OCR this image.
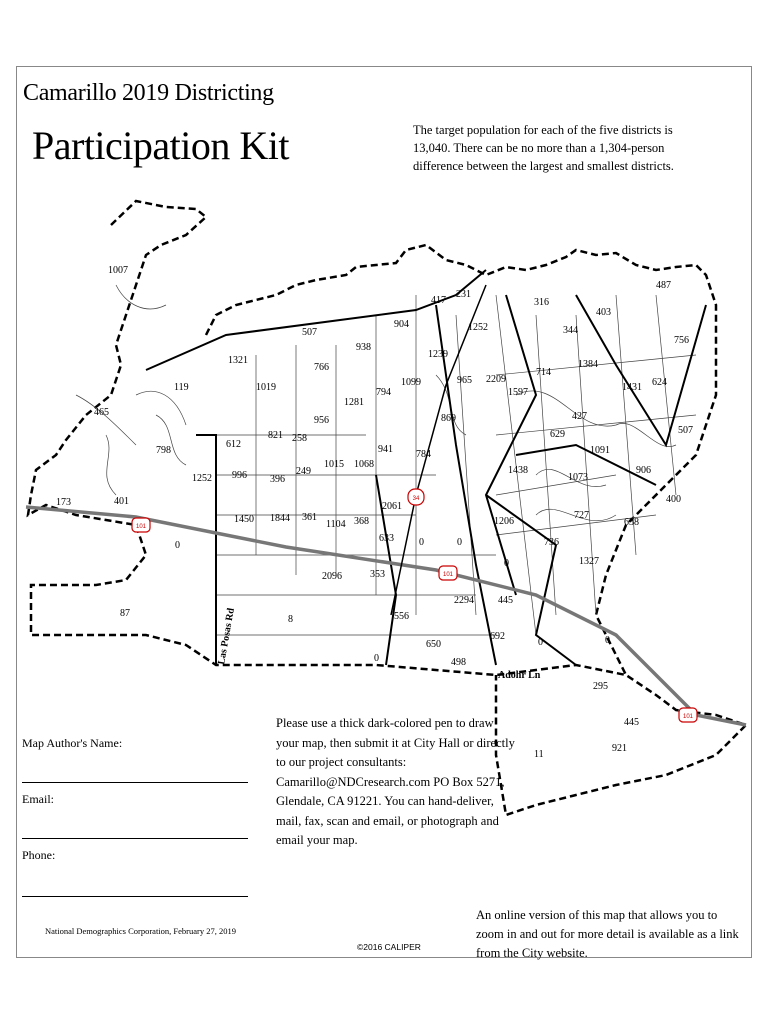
Camarillo 2019 Districting
Participation Kit	The target population for each of the five districts is 13,040. There can be no more than a 1,304-person difference between the largest and smallest districts.
101
34
101
101
Las Posas Rd
Adohr Ln
1007
465
119
1321
1019
507
766
938
904
417
231
1252
1239
965 2209
316
344
403
487
756
714
1384
1431 624
798
612
821 258
956
1281
794
1099
869
1597
427
629	507
1091
1252 996 396
249
1015 1068
941 784
1438
1073
906
400
401
173
1450 1844 361
1104 368
2061
633	0
727
638
1206
736
1327
0
0	0
2096	353
2294 445
87
8	556
692
650
498
0
0	0
295
445
921
11
Map Author's Name:
Email:
Phone:
Please use a thick dark-colored pen to draw your map, then submit it at City Hall or directly to our project consultants: Camarillo@NDCresearch.com PO Box 5271, Glendale, CA 91221. You can hand-deliver, mail, fax, scan and email, or photograph and email your map.
An online version of this map that allows you to zoom in and out for more detail is available as a link from the City website.
National Demographics Corporation, February 27, 2019
©2016 CALIPER
